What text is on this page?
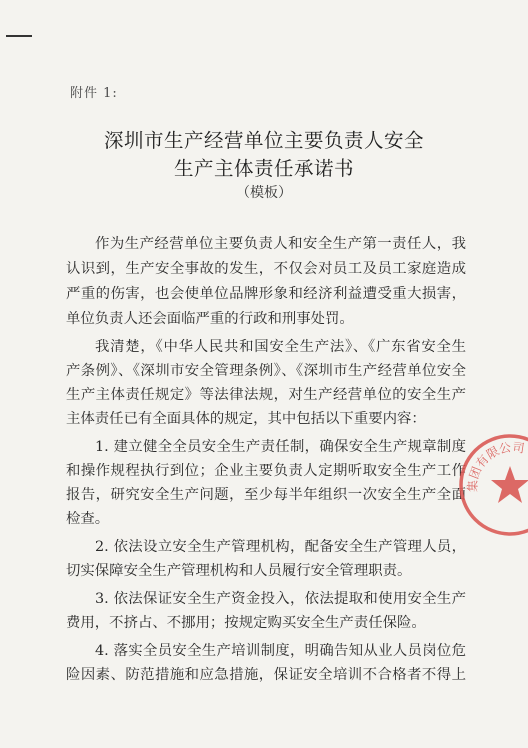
附件 1:
深圳市生产经营单位主要负责人安全
生产主体责任承诺书
（模板）
作为生产经营单位主要负责人和安全生产第一责任人，我
认识到，生产安全事故的发生，不仅会对员工及员工家庭造成
严重的伤害，也会使单位品牌形象和经济利益遭受重大损害，
单位负责人还会面临严重的行政和刑事处罚。
我清楚，《中华人民共和国安全生产法》、《广东省安全生
产条例》、《深圳市安全管理条例》、《深圳市生产经营单位安全
生产主体责任规定》等法律法规，对生产经营单位的安全生产
主体责任已有全面具体的规定，其中包括以下重要内容：
1. 建立健全全员安全生产责任制，确保安全生产规章制度
和操作规程执行到位；企业主要负责人定期听取安全生产工作
报告，研究安全生产问题，至少每半年组织一次安全生产全面
检查。
2. 依法设立安全生产管理机构，配备安全生产管理人员，
切实保障安全生产管理机构和人员履行安全管理职责。
3. 依法保证安全生产资金投入，依法提取和使用安全生产
费用，不挤占、不挪用；按规定购买安全生产责任保险。
4. 落实全员安全生产培训制度，明确告知从业人员岗位危
险因素、防范措施和应急措施，保证安全培训不合格者不得上
集团有限公司
